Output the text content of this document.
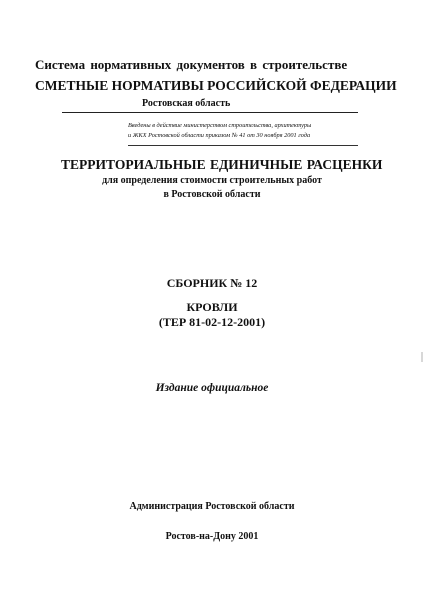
Система нормативных документов в строительстве
СМЕТНЫЕ НОРМАТИВЫ РОССИЙСКОЙ ФЕДЕРАЦИИ
Ростовская область
Введены в действие министерством строительства, архитектуры
и ЖКХ Ростовской области приказом № 41 от 30 ноября 2001 года
ТЕРРИТОРИАЛЬНЫЕ ЕДИНИЧНЫЕ РАСЦЕНКИ
для определения стоимости строительных работ
в Ростовской области
СБОРНИК № 12
КРОВЛИ
(ТЕР 81-02-12-2001)
Издание официальное
Администрация Ростовской области
Ростов-на-Дону 2001
